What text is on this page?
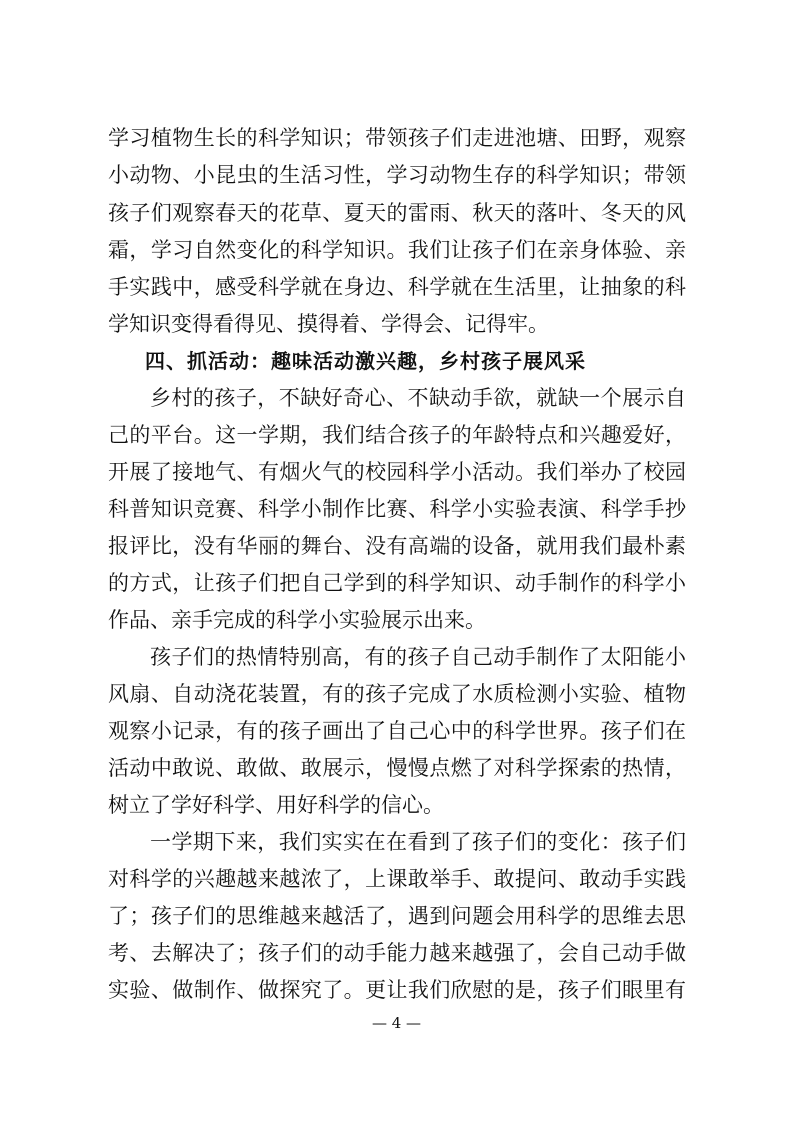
学习植物生长的科学知识；带领孩子们走进池塘、田野，观察
小动物、小昆虫的生活习性，学习动物生存的科学知识；带领
孩子们观察春天的花草、夏天的雷雨、秋天的落叶、冬天的风
霜，学习自然变化的科学知识。我们让孩子们在亲身体验、亲
手实践中，感受科学就在身边、科学就在生活里，让抽象的科
学知识变得看得见、摸得着、学得会、记得牢。
四、抓活动：趣味活动激兴趣，乡村孩子展风采
乡村的孩子，不缺好奇心、不缺动手欲，就缺一个展示自
己的平台。这一学期，我们结合孩子的年龄特点和兴趣爱好，
开展了接地气、有烟火气的校园科学小活动。我们举办了校园
科普知识竞赛、科学小制作比赛、科学小实验表演、科学手抄
报评比，没有华丽的舞台、没有高端的设备，就用我们最朴素
的方式，让孩子们把自己学到的科学知识、动手制作的科学小
作品、亲手完成的科学小实验展示出来。
孩子们的热情特别高，有的孩子自己动手制作了太阳能小
风扇、自动浇花装置，有的孩子完成了水质检测小实验、植物
观察小记录，有的孩子画出了自己心中的科学世界。孩子们在
活动中敢说、敢做、敢展示，慢慢点燃了对科学探索的热情，
树立了学好科学、用好科学的信心。
一学期下来，我们实实在在看到了孩子们的变化：孩子们
对科学的兴趣越来越浓了，上课敢举手、敢提问、敢动手实践
了；孩子们的思维越来越活了，遇到问题会用科学的思维去思
考、去解决了；孩子们的动手能力越来越强了，会自己动手做
实验、做制作、做探究了。更让我们欣慰的是，孩子们眼里有
— 4 —
